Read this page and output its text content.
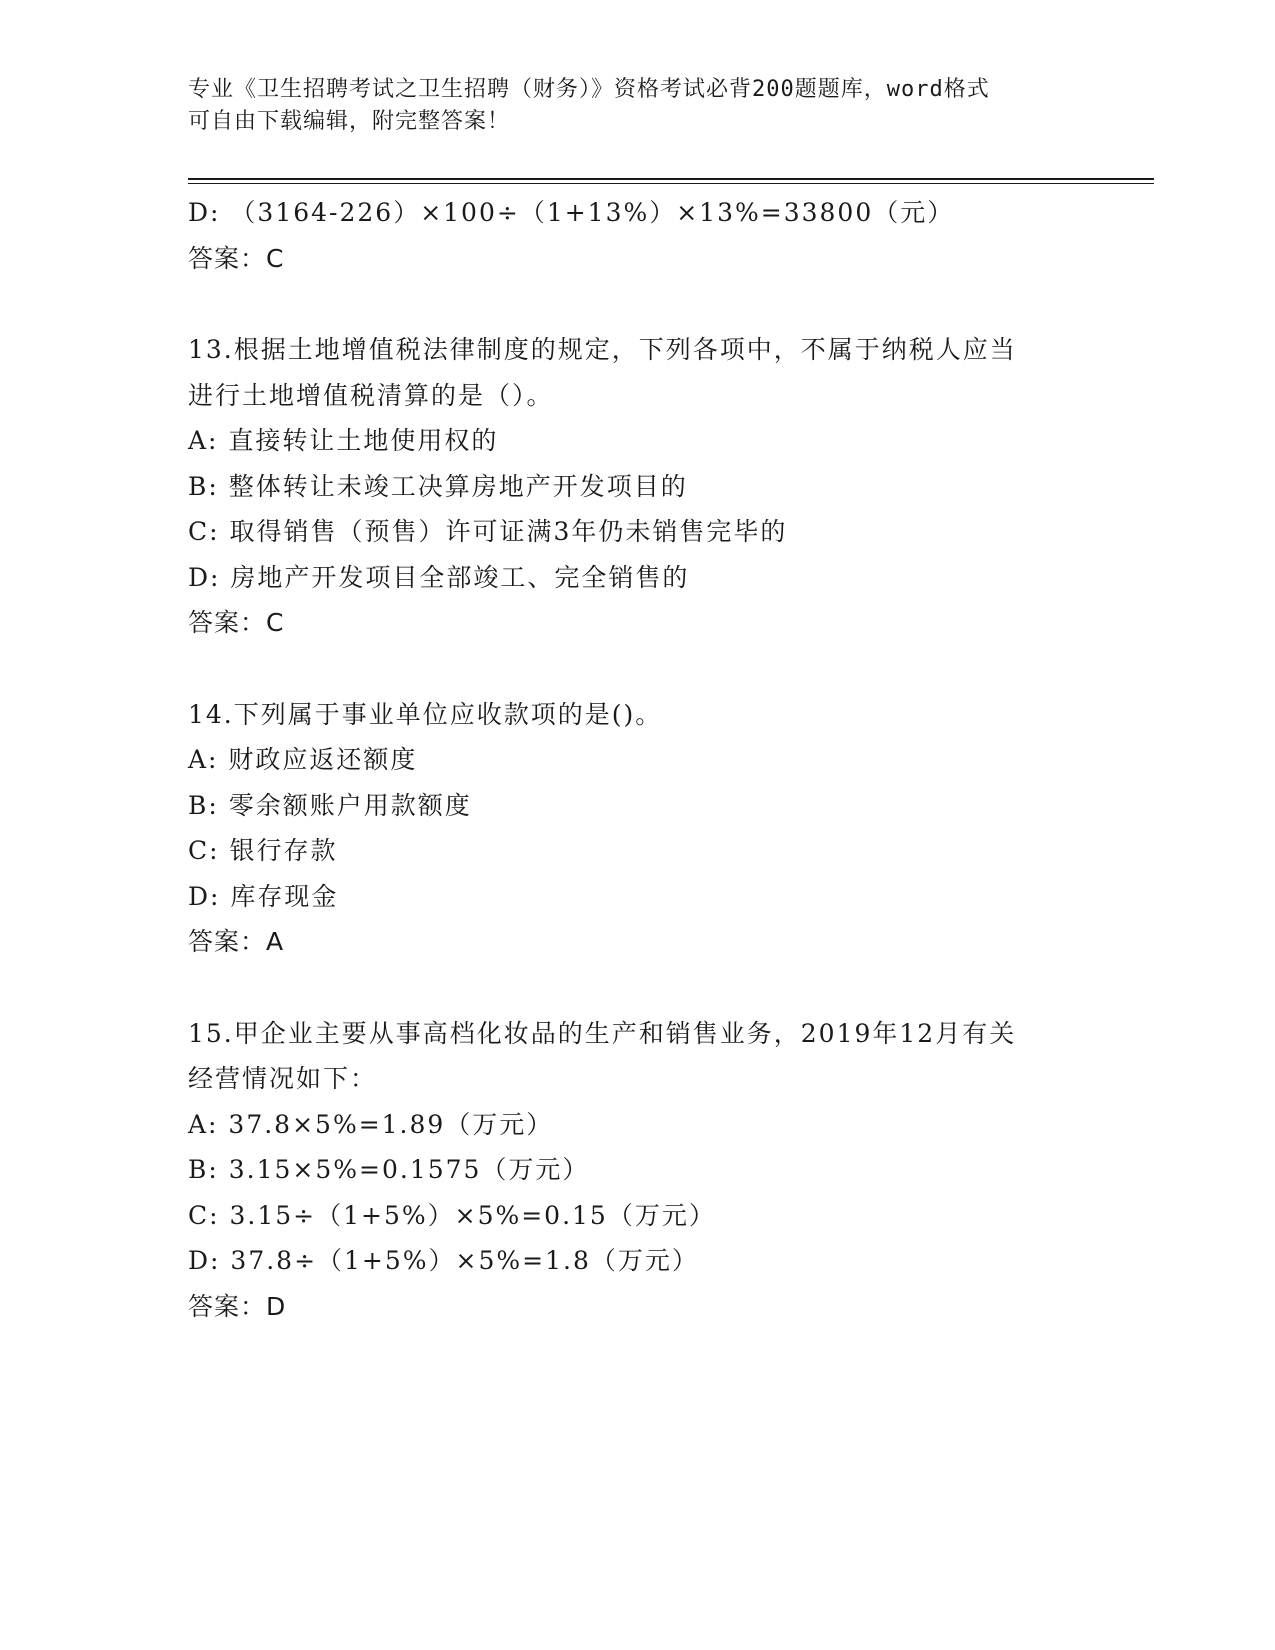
专业《卫生招聘考试之卫生招聘（财务）》资格考试必背200题题库，word格式
可自由下载编辑，附完整答案！
D: （3164-226）×100÷（1+13%）×13%=33800（元）
答案：C
13.根据土地增值税法律制度的规定，下列各项中，不属于纳税人应当
进行土地增值税清算的是（）。
A: 直接转让土地使用权的
B: 整体转让未竣工决算房地产开发项目的
C: 取得销售（预售）许可证满3年仍未销售完毕的
D: 房地产开发项目全部竣工、完全销售的
答案：C
14.下列属于事业单位应收款项的是()。
A: 财政应返还额度
B: 零余额账户用款额度
C: 银行存款
D: 库存现金
答案：A
15.甲企业主要从事高档化妆品的生产和销售业务，2019年12月有关
经营情况如下：
A: 37.8×5%=1.89（万元）
B: 3.15×5%=0.1575（万元）
C: 3.15÷（1+5%）×5%=0.15（万元）
D: 37.8÷（1+5%）×5%=1.8（万元）
答案：D
